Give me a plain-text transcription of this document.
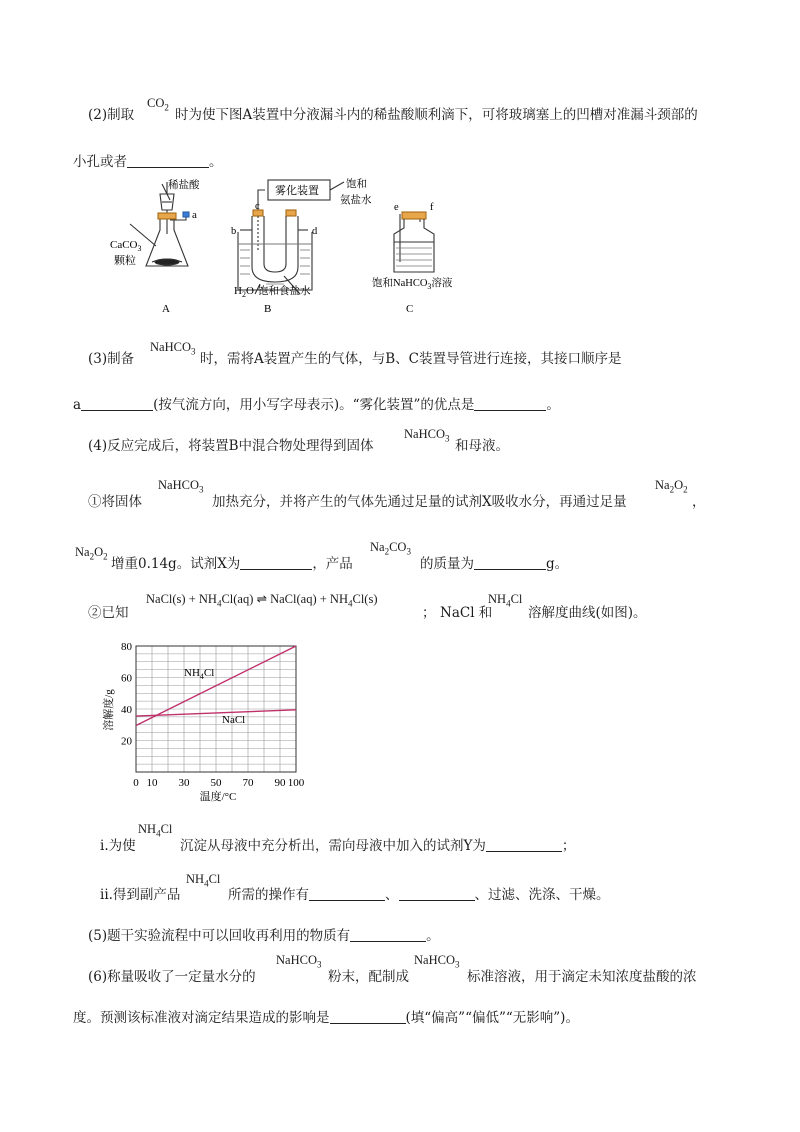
(2)制取
$CO_2$ 时为使下图A装置中分液漏斗内的稀盐酸顺利滴下，可将玻璃塞上的凹槽对准漏斗颈部的
小孔或者	。
稀盐酸
a
CaCO$_3$
颗粒
A
雾化装置
饱和
氨盐水
b
c
d
$H_2O$ 饱和食盐水
B
e	f
饱和NaHCO$_3$溶液
C
(3)制备
NaHCO$_3$ 时，需将A装置产生的气体，与B、C装置导管进行连接，其接口顺序是
a	(按气流方向，用小写字母表示)。“雾化装置”的优点是	。
(4)反应完成后，将装置B中混合物处理得到固体
NaHCO$_3$ 和母液。
①将固体
NaHCO$_3$
加热充分，并将产生的气体先通过足量的试剂X吸收水分，再通过足量
$Na_2O_2$
，
$Na_2O_2$ 增重0.14g。试剂X为	，产品
$Na_2CO_3$
的质量为	g。
②已知
NaCl(s) + $NH_4Cl(aq)$ ⇌ NaCl(aq) + $NH_4Cl(s)$
； NaCl 和
$NH_4Cl$
溶解度曲线(如图)。
0 10 30 50 70 90 100
20
40
60
80
温度/°C
溶解度/g
$NH_4Cl$
NaCl
i.为使
$NH_4Cl$
沉淀从母液中充分析出，需向母液中加入的试剂Y为	；
ii.得到副产品
$NH_4Cl$
所需的操作有	、	、过滤、洗涤、干燥。
(5)题干实验流程中可以回收再利用的物质有	。
(6)称量吸收了一定量水分的
NaHCO$_3$
粉末，配制成
NaHCO$_3$
标准溶液，用于滴定未知浓度盐酸的浓
度。预测该标准液对滴定结果造成的影响是	(填“偏高”“偏低”“无影响”)。
